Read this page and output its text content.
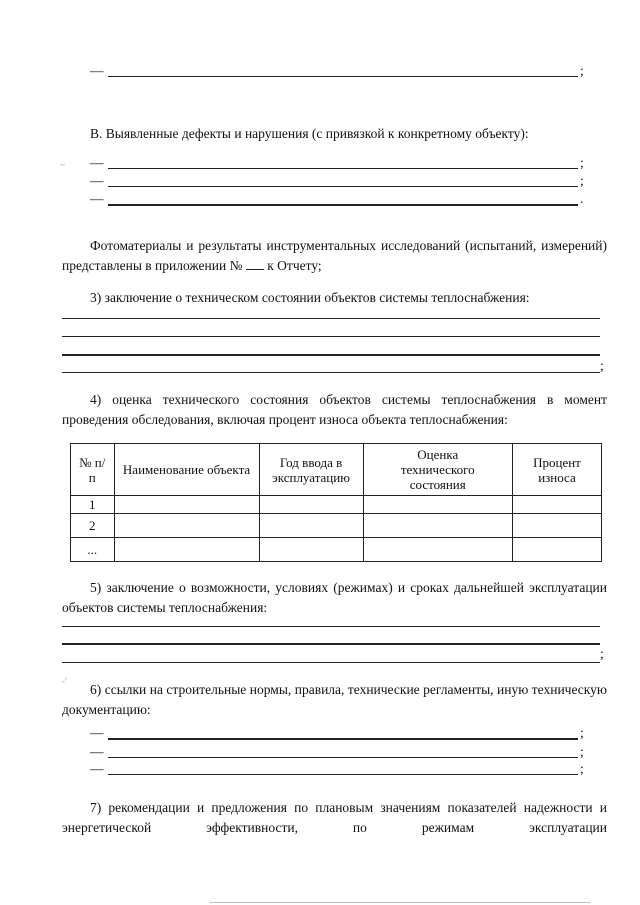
—	;
В. Выявленные дефекты и нарушения (с привязкой к конкретному объекту):
~ —	;
—	;
—	.
Фотоматериалы и результаты инструментальных исследований (испытаний, измерений) представлены в приложении № к Отчету;
3) заключение о техническом состоянии объектов системы теплоснабжения:
;
4) оценка технического состояния объектов системы теплоснабжения в момент проведения обследования, включая процент износа объекта теплоснабжения:
№ п/п	Наименование объекта	Год ввода в эксплуатацию	Оценка технического состояния	Процент износа
1				
2				
...				
5) заключение о возможности, условиях (режимах) и сроках дальнейшей эксплуатации объектов системы теплоснабжения:
;
-'
6) ссылки на строительные нормы, правила, технические регламенты, иную техническую документацию:
—	;
—	;
—	;
7) рекомендации и предложения по плановым значениям показателей надежности и энергетической эффективности, по режимам эксплуатации
